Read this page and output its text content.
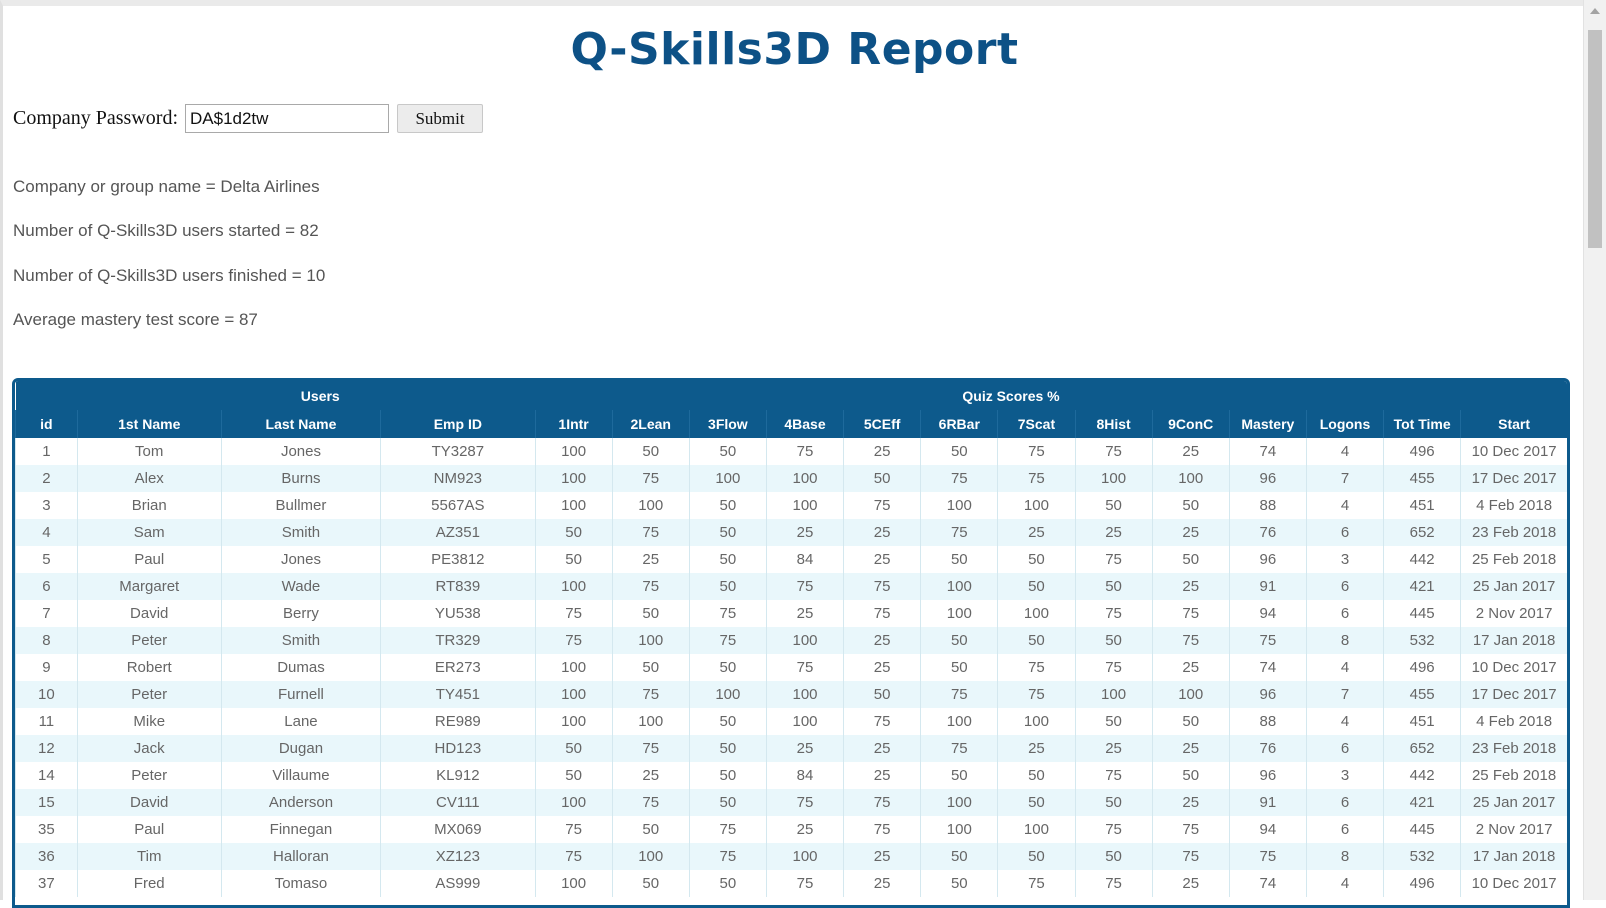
Q-Skills3D Report
Company Password:
DA$1d2tw	Submit
Company or group name = Delta Airlines
Number of Q-Skills3D users started = 82
Number of Q-Skills3D users finished = 10
Average mastery test score = 87
Users				Quiz Scores %												
id	1st Name	Last Name	Emp ID	1Intr	2Lean	3Flow	4Base	5CEff	6RBar	7Scat	8Hist	9ConC	Mastery	Logons	Tot Time	Start
1	Tom	Jones	TY3287	100	50	50	75	25	50	75	75	25	74	4	496	10 Dec 2017
2	Alex	Burns	NM923	100	75	100	100	50	75	75	100	100	96	7	455	17 Dec 2017
3	Brian	Bullmer	5567AS	100	100	50	100	75	100	100	50	50	88	4	451	4 Feb 2018
4	Sam	Smith	AZ351	50	75	50	25	25	75	25	25	25	76	6	652	23 Feb 2018
5	Paul	Jones	PE3812	50	25	50	84	25	50	50	75	50	96	3	442	25 Feb 2018
6	Margaret	Wade	RT839	100	75	50	75	75	100	50	50	25	91	6	421	25 Jan 2017
7	David	Berry	YU538	75	50	75	25	75	100	100	75	75	94	6	445	2 Nov 2017
8	Peter	Smith	TR329	75	100	75	100	25	50	50	50	75	75	8	532	17 Jan 2018
9	Robert	Dumas	ER273	100	50	50	75	25	50	75	75	25	74	4	496	10 Dec 2017
10	Peter	Furnell	TY451	100	75	100	100	50	75	75	100	100	96	7	455	17 Dec 2017
11	Mike	Lane	RE989	100	100	50	100	75	100	100	50	50	88	4	451	4 Feb 2018
12	Jack	Dugan	HD123	50	75	50	25	25	75	25	25	25	76	6	652	23 Feb 2018
14	Peter	Villaume	KL912	50	25	50	84	25	50	50	75	50	96	3	442	25 Feb 2018
15	David	Anderson	CV111	100	75	50	75	75	100	50	50	25	91	6	421	25 Jan 2017
35	Paul	Finnegan	MX069	75	50	75	25	75	100	100	75	75	94	6	445	2 Nov 2017
36	Tim	Halloran	XZ123	75	100	75	100	25	50	50	50	75	75	8	532	17 Jan 2018
37	Fred	Tomaso	AS999	100	50	50	75	25	50	75	75	25	74	4	496	10 Dec 2017
